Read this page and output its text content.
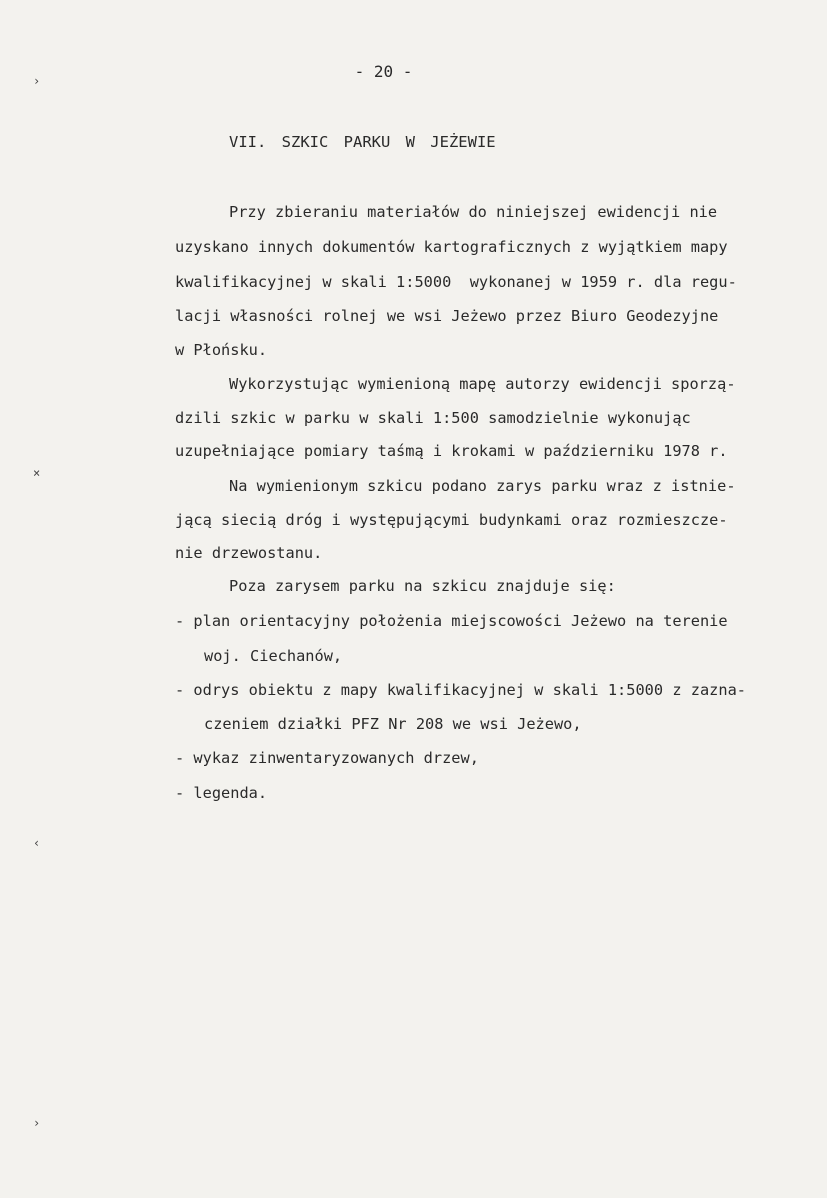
- 20 -
VII. SZKIC PARKU W JEŻEWIE
Przy zbieraniu materiałów do niniejszej ewidencji nie
uzyskano innych dokumentów kartograficznych z wyjątkiem mapy
kwalifikacyjnej w skali 1:5000  wykonanej w 1959 r. dla regu-
lacji własności rolnej we wsi Jeżewo przez Biuro Geodezyjne
w Płońsku.
Wykorzystując wymienioną mapę autorzy ewidencji sporzą-
dzili szkic w parku w skali 1:500 samodzielnie wykonując
uzupełniające pomiary taśmą i krokami w październiku 1978 r.
Na wymienionym szkicu podano zarys parku wraz z istnie-
jącą siecią dróg i występującymi budynkami oraz rozmieszcze-
nie drzewostanu.
Poza zarysem parku na szkicu znajduje się:
- plan orientacyjny położenia miejscowości Jeżewo na terenie
woj. Ciechanów,
- odrys obiektu z mapy kwalifikacyjnej w skali 1:5000 z zazna-
czeniem działki PFZ Nr 208 we wsi Jeżewo,
- wykaz zinwentaryzowanych drzew,
- legenda.
›
×
‹
›
